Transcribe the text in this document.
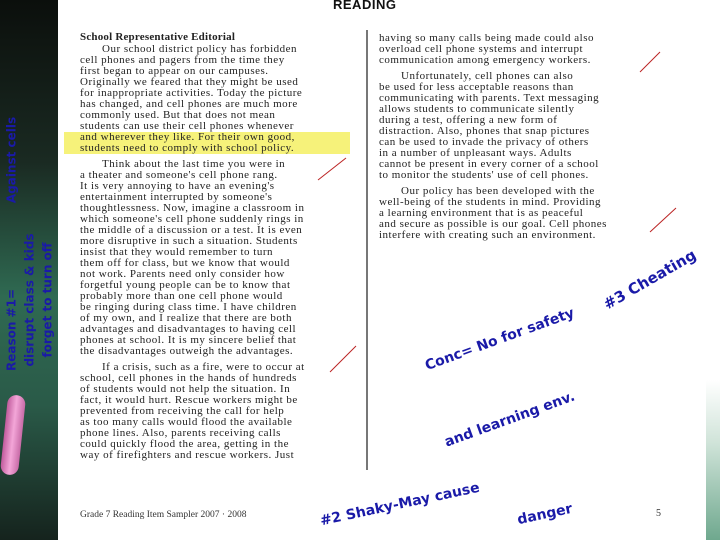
READING
School Representative Editorial
Our school district policy has forbidden
cell phones and pagers from the time they
first began to appear on our campuses.
Originally we feared that they might be used
for inappropriate activities. Today the picture
has changed, and cell phones are much more
commonly used. But that does not mean
students can use their cell phones whenever
and wherever they like. For their own good,
students need to comply with school policy.
Think about the last time you were in
a theater and someone's cell phone rang.
It is very annoying to have an evening's
entertainment interrupted by someone's
thoughtlessness. Now, imagine a classroom in
which someone's cell phone suddenly rings in
the middle of a discussion or a test. It is even
more disruptive in such a situation. Students
insist that they would remember to turn
them off for class, but we know that would
not work. Parents need only consider how
forgetful young people can be to know that
probably more than one cell phone would
be ringing during class time. I have children
of my own, and I realize that there are both
advantages and disadvantages to having cell
phones at school. It is my sincere belief that
the disadvantages outweigh the advantages.
If a crisis, such as a fire, were to occur at
school, cell phones in the hands of hundreds
of students would not help the situation. In
fact, it would hurt. Rescue workers might be
prevented from receiving the call for help
as too many calls would flood the available
phone lines. Also, parents receiving calls
could quickly flood the area, getting in the
way of firefighters and rescue workers. Just
having so many calls being made could also
overload cell phone systems and interrupt
communication among emergency workers.
Unfortunately, cell phones can also
be used for less acceptable reasons than
communicating with parents. Text messaging
allows students to communicate silently
during a test, offering a new form of
distraction. Also, phones that snap pictures
can be used to invade the privacy of others
in a number of unpleasant ways. Adults
cannot be present in every corner of a school
to monitor the students' use of cell phones.
Our policy has been developed with the
well-being of the students in mind. Providing
a learning environment that is as peaceful
and secure as possible is our goal. Cell phones
interfere with creating such an environment.
Grade 7 Reading Item Sampler 2007 · 2008	5
Against cells
Reason #1= disrupt class & kids forget to turn off	#3 Cheating
Conc= No for safety
and learning env.
#2 Shaky-May cause danger
